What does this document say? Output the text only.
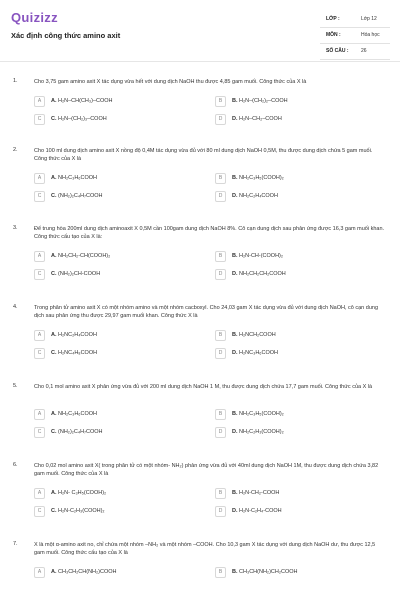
Quizizz
Xác định công thức amino axit
LỚP :	Lớp 12
MÔN :	Hóa học
SỐ CÂU :	26
1.	Cho 3,75 gam amino axit X tác dụng vừa hết với dung dịch NaOH thu được 4,85 gam muối. Công thức của X là
A	A. H₂N–CH(CH₃)–COOH	B	B. H₂N–(CH₂)₂–COOH
C	C. H₂N–(CH₂)₃–COOH	D	D. H₂N–CH₂–COOH
2.	Cho 100 ml dung dịch amino axit X nồng độ 0,4M tác dụng vừa đủ với 80 ml dung dịch NaOH 0,5M, thu được dung dịch chứa 5 gam muối. Công thức của X là
A	A. NH₂C₃H₆COOH	B	B. NH₂C₃H₅(COOH)₂
C	C. (NH₂)₂C₄H₇COOH	D	D. NH₂C₂H₄COOH
3.	Để trung hòa 200ml dung dịch aminoaxit X 0,5M cần 100gam dung dịch NaOH 8%. Cô cạn dung dịch sau phản ứng được 16,3 gam muối khan. Công thức cấu tạo của X là:
A	A. NH₂CH₂-CH(COOH)₂	B	B. H₂N-CH-(COOH)₂
C	C. (NH₂)₂CH-COOH	D	D. NH₂CH₂CH₂COOH
4.	Trong phân tử amino axit X có một nhóm amino và một nhóm cacboxyl. Cho 24,03 gam X tác dụng vừa đủ với dung dịch NaOH, cô cạn dung dịch sau phản ứng thu được 29,97 gam muối khan. Công thức X là
A	A. H₂NC₂H₄COOH	B	B. H₂NCH₂COOH
C	C. H₂NC₄H₈COOH	D	D. H₂NC₃H₆COOH
5.	Cho 0,1 mol amino axit X phản ứng vừa đủ với 200 ml dung dịch NaOH 1 M, thu được dung dịch chứa 17,7 gam muối. Công thức của X là
A	A. NH₂C₃H₆COOH	B	B. NH₂C₃H₅(COOH)₂
C	C. (NH₂)₂C₄H₇COOH	D	D. NH₂C₂H₃(COOH)₂
6.	Cho 0,02 mol amino axit X( trong phân tử có một nhóm- NH₂) phản ứng vừa đủ với 40ml dung dịch NaOH 1M, thu được dung dịch chứa 3,82 gam muối. Công thức của X là
A	A. H₂N- C₃H₅(COOH)₂	B	B. H₂N-CH₂-COOH
C	C. H₂N-C₂H₃(COOH)₂	D	D. H₂N-C₂H₄-COOH
7.	X là một α-amino axit no, chỉ chứa một nhóm –NH₂ và một nhóm –COOH. Cho 10,3 gam X tác dụng với dung dịch NaOH dư, thu được 12,5 gam muối. Công thức cấu tạo của X là
A	A. CH₃CH₂CH(NH₂)COOH	B	B. CH₃CH(NH₂)CH₂COOH
